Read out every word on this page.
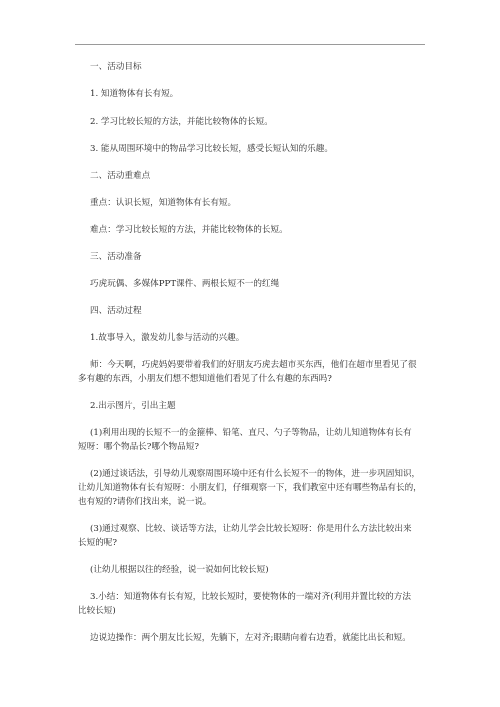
一、活动目标

1. 知道物体有长有短。

2. 学习比较长短的方法，并能比较物体的长短。

3. 能从周围环境中的物品学习比较长短，感受长短认知的乐趣。

二、活动重难点

重点：认识长短，知道物体有长有短。

难点：学习比较长短的方法，并能比较物体的长短。

三、活动准备

巧虎玩偶、多媒体PPT课件、两根长短不一的红绳

四、活动过程

1.故事导入，激发幼儿参与活动的兴趣。

师：今天啊，巧虎妈妈要带着我们的好朋友巧虎去超市买东西，他们在超市里看见了很

多有趣的东西，小朋友们想不想知道他们看见了什么有趣的东西吗?

2.出示图片，引出主题

(1)利用出现的长短不一的金箍棒、铅笔、直尺、勺子等物品，让幼儿知道物体有长有

短呀：哪个物品长?哪个物品短?

(2)通过谈话法，引导幼儿观察周围环境中还有什么长短不一的物体，进一步巩固知识，

让幼儿知道物体有长有短呀：小朋友们，仔细观察一下，我们教室中还有哪些物品有长的，

也有短的?请你们找出来，说一说。

(3)通过观察、比较、谈话等方法，让幼儿学会比较长短呀：你是用什么方法比较出来

长短的呢?

(让幼儿根据以往的经验，说一说如何比较长短)

3.小结：知道物体有长有短，比较长短时，要使物体的一端对齐(利用并置比较的方法

比较长短)

边说边操作：两个朋友比长短，先躺下，左对齐;眼睛向着右边看，就能比出长和短。
